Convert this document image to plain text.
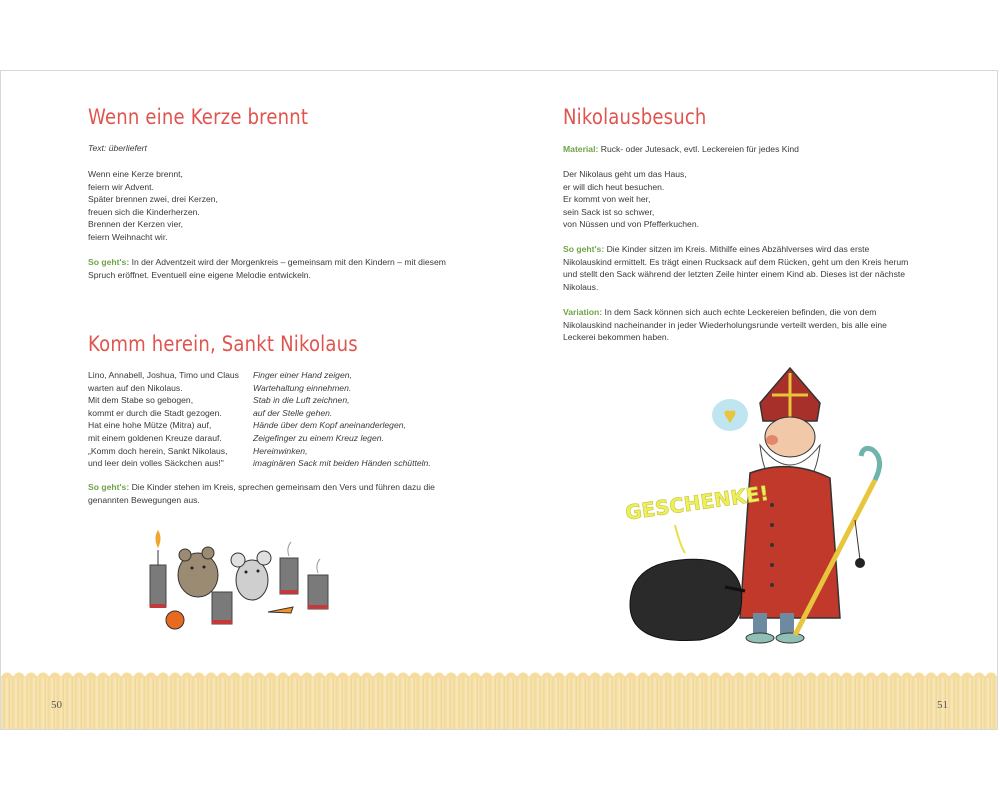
50	51
Wenn eine Kerze brennt

Text: überliefert

Wenn eine Kerze brennt,
feiern wir Advent.
Später brennen zwei, drei Kerzen,
freuen sich die Kinderherzen.
Brennen der Kerzen vier,
feiern Weihnacht wir.

So geht's: In der Adventzeit wird der Morgenkreis – gemeinsam mit den Kindern – mit diesem Spruch eröffnet. Eventuell eine eigene Melodie entwickeln.

Komm herein, Sankt Nikolaus
Lino, Annabell, Joshua, Timo und Claus
warten auf den Nikolaus.
Mit dem Stabe so gebogen,
kommt er durch die Stadt gezogen.
Hat eine hohe Mütze (Mitra) auf,
mit einem goldenen Kreuze darauf.
„Komm doch herein, Sankt Nikolaus,
und leer dein volles Säckchen aus!"
Finger einer Hand zeigen,
Wartehaltung einnehmen.
Stab in die Luft zeichnen,
auf der Stelle gehen.
Hände über dem Kopf aneinanderlegen,
Zeigefinger zu einem Kreuz legen.
Hereinwinken,
imaginären Sack mit beiden Händen schütteln.

So geht's: Die Kinder stehen im Kreis, sprechen gemeinsam den Vers und führen dazu die genannten Bewegungen aus.

Nikolausbesuch

Material: Ruck- oder Jutesack, evtl. Leckereien für jedes Kind

Der Nikolaus geht um das Haus,
er will dich heut besuchen.
Er kommt von weit her,
sein Sack ist so schwer,
von Nüssen und von Pfefferkuchen.

So geht's: Die Kinder sitzen im Kreis. Mithilfe eines Abzählverses wird das erste Nikolauskind ermittelt. Es trägt einen Rucksack auf dem Rücken, geht um den Kreis herum und stellt den Sack während der letzten Zeile hinter einem Kind ab. Dieses ist der nächste Nikolaus.

Variation: In dem Sack können sich auch echte Leckereien befinden, die von dem Nikolauskind nacheinander in jeder Wiederholungsrunde verteilt werden, bis alle eine Leckerei bekommen haben.

GESCHENKE!
